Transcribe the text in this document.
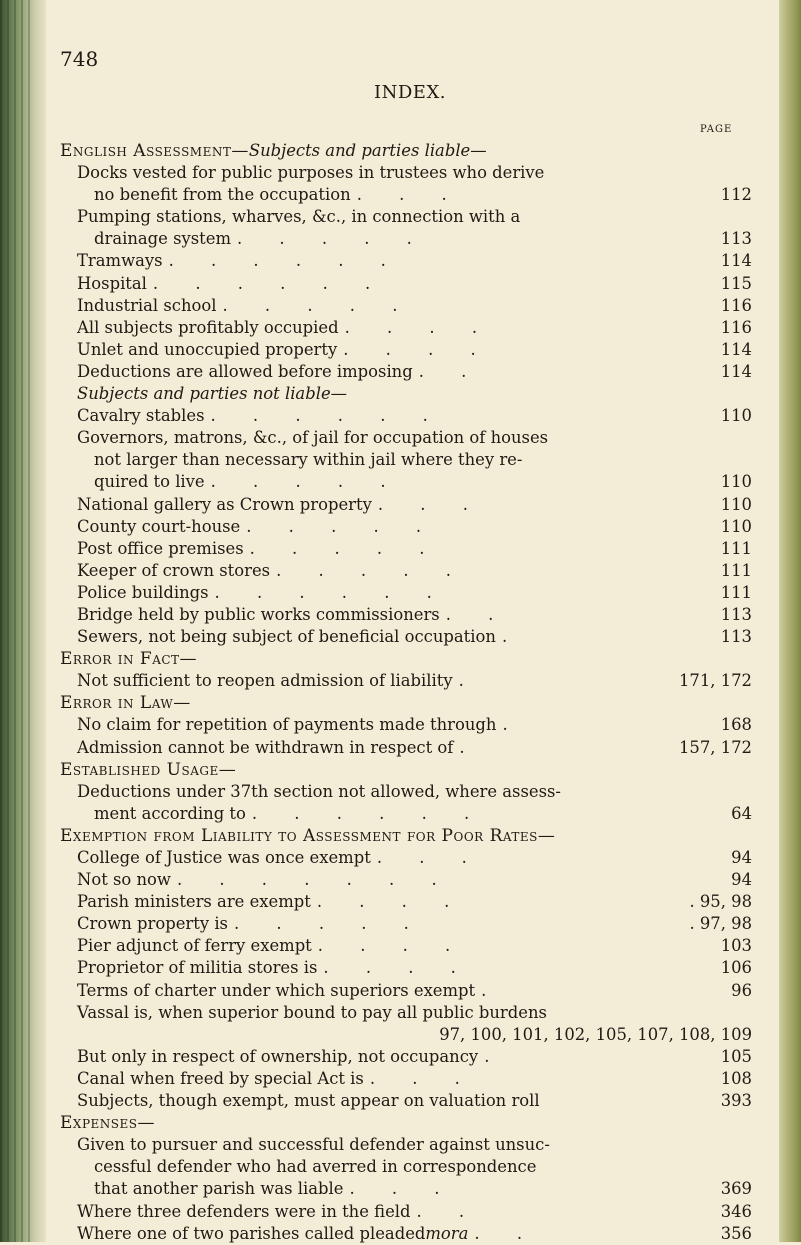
748
INDEX.
PAGE
English Assessment—Subjects and parties liable—
Docks vested for public purposes in trustees who derive
no benefit from the occupation . . .	112
Pumping stations, wharves, &c., in connection with a
drainage system . . . . .	113
Tramways . . . . . .	114
Hospital . . . . . .	115
Industrial school . . . . .	116
All subjects profitably occupied . . . .	116
Unlet and unoccupied property . . . .	114
Deductions are allowed before imposing . .	114
Subjects and parties not liable—
Cavalry stables . . . . . .	110
Governors, matrons, &c., of jail for occupation of houses
not larger than necessary within jail where they re-
quired to live . . . . .	110
National gallery as Crown property . . .	110
County court-house . . . . .	110
Post office premises . . . . .	111
Keeper of crown stores . . . . .	111
Police buildings . . . . . .	111
Bridge held by public works commissioners . .	113
Sewers, not being subject of beneficial occupation .	113
Error in Fact—
Not sufficient to reopen admission of liability .	171, 172
Error in Law—
No claim for repetition of payments made through .	168
Admission cannot be withdrawn in respect of .	157, 172
Established Usage—
Deductions under 37th section not allowed, where assess-
ment according to . . . . . .	64
Exemption from Liability to Assessment for Poor Rates—
College of Justice was once exempt . . .	94
Not so now . . . . . . .	94
Parish ministers are exempt . . . .	. 95, 98
Crown property is . . . . .	. 97, 98
Pier adjunct of ferry exempt . . . .	103
Proprietor of militia stores is . . . .	106
Terms of charter under which superiors exempt .	96
Vassal is, when superior bound to pay all public burdens
97, 100, 101, 102, 105, 107, 108, 109
But only in respect of ownership, not occupancy .	105
Canal when freed by special Act is . . .	108
Subjects, though exempt, must appear on valuation roll	393
Expenses—
Given to pursuer and successful defender against unsuc-
cessful defender who had averred in correspondence
that another parish was liable . . .	369
Where three defenders were in the field . .	346
Where one of two parishes called pleadedmora . .	356
